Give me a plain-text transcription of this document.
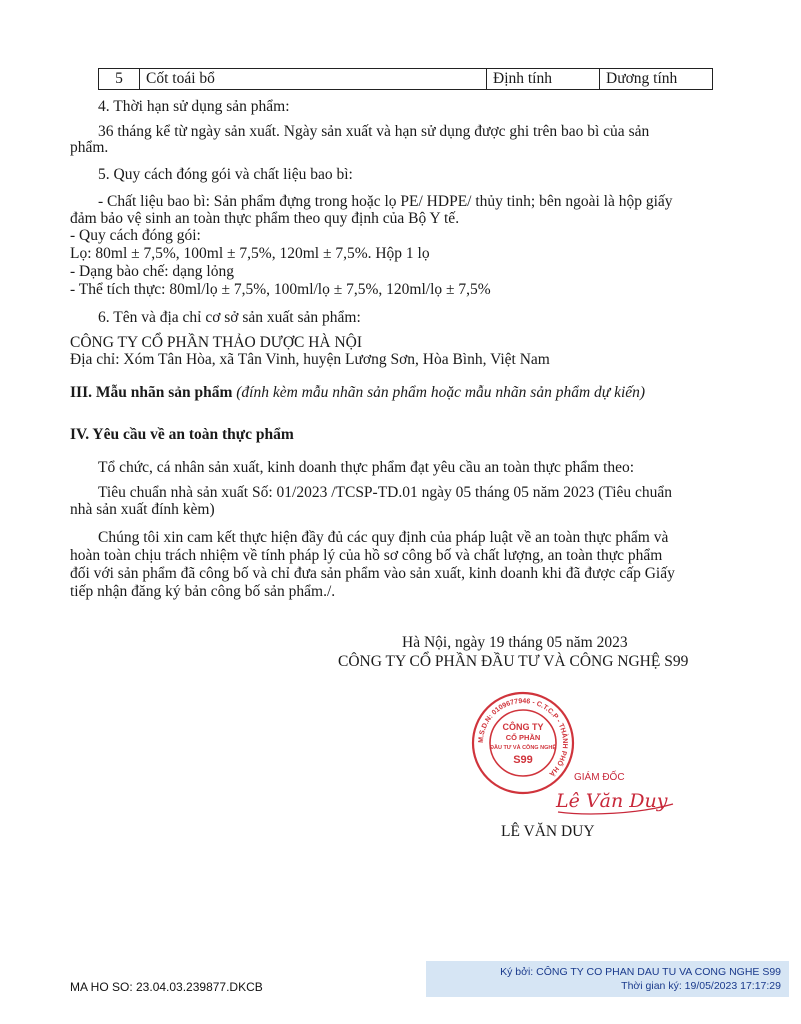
5	Cốt toái bổ	Định tính	Dương tính
4. Thời hạn sử dụng sản phẩm:
36 tháng kể từ ngày sản xuất. Ngày sản xuất và hạn sử dụng được ghi trên bao bì của sản
phẩm.
5. Quy cách đóng gói và chất liệu bao bì:
- Chất liệu bao bì: Sản phẩm đựng trong hoặc lọ PE/ HDPE/ thủy tinh; bên ngoài là hộp giấy
đảm bảo vệ sinh an toàn thực phẩm theo quy định của Bộ Y tế.
- Quy cách đóng gói:
Lọ: 80ml ± 7,5%, 100ml ± 7,5%, 120ml ± 7,5%. Hộp 1 lọ
- Dạng bào chế: dạng lỏng
- Thể tích thực: 80ml/lọ ± 7,5%, 100ml/lọ ± 7,5%, 120ml/lọ ± 7,5%
6. Tên và địa chỉ cơ sở sản xuất sản phẩm:
CÔNG TY CỔ PHẦN THẢO DƯỢC HÀ NỘI
Địa chỉ: Xóm Tân Hòa, xã Tân Vinh, huyện Lương Sơn, Hòa Bình, Việt Nam
III. Mẫu nhãn sản phẩm (đính kèm mẫu nhãn sản phẩm hoặc mẫu nhãn sản phẩm dự kiến)
IV. Yêu cầu về an toàn thực phẩm
Tổ chức, cá nhân sản xuất, kinh doanh thực phẩm đạt yêu cầu an toàn thực phẩm theo:
Tiêu chuẩn nhà sản xuất Số: 01/2023 /TCSP-TD.01 ngày 05 tháng 05 năm 2023 (Tiêu chuẩn
nhà sản xuất đính kèm)
Chúng tôi xin cam kết thực hiện đầy đủ các quy định của pháp luật về an toàn thực phẩm và
hoàn toàn chịu trách nhiệm về tính pháp lý của hồ sơ công bố và chất lượng, an toàn thực phẩm
đối với sản phẩm đã công bố và chỉ đưa sản phẩm vào sản xuất, kinh doanh khi đã được cấp Giấy
tiếp nhận đăng ký bản công bố sản phẩm./.
Hà Nội, ngày 19 tháng 05 năm 2023
CÔNG TY CỔ PHẦN ĐẦU TƯ VÀ CÔNG NGHỆ S99
M.S.D.N: 0109677946 - C.T.C.P - THÀNH PHỐ HÀ
CÔNG TY
CỔ PHẦN
ĐẦU TƯ VÀ CÔNG NGHỆ
S99
GIÁM ĐỐC
Lê Văn Duy
LÊ VĂN DUY
Ký bởi: CÔNG TY CO PHAN DAU TU VA CONG NGHE S99
Thời gian ký: 19/05/2023 17:17:29
MA HO SO: 23.04.03.239877.DKCB
